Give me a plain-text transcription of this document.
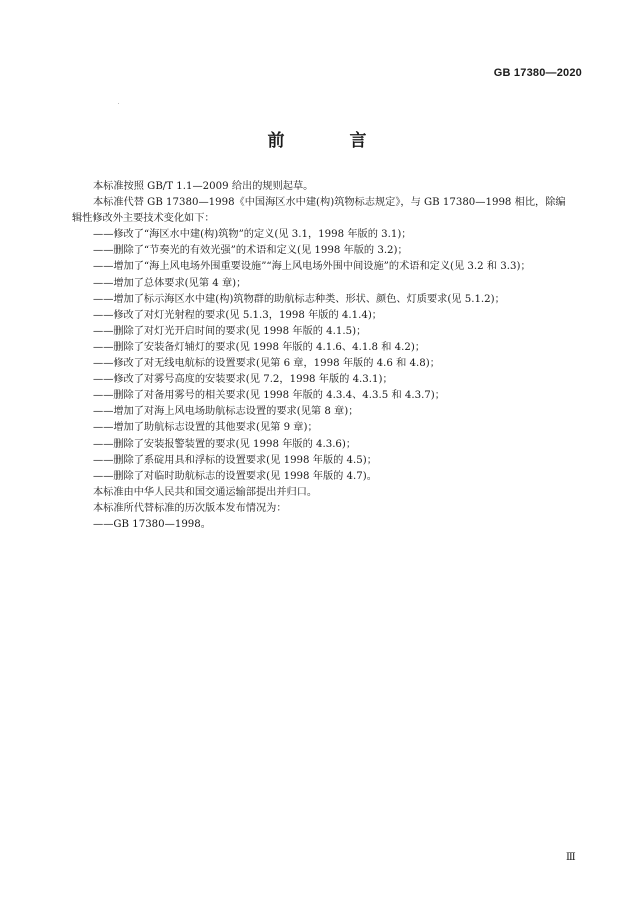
GB 17380—2020
前　言

本标准按照 GB/T 1.1—2009 给出的规则起草。

本标准代替 GB 17380—1998《中国海区水中建(构)筑物标志规定》，与 GB 17380—1998 相比，除编

辑性修改外主要技术变化如下：

——修改了“海区水中建(构)筑物”的定义(见 3.1，1998 年版的 3.1)；

——删除了“节奏光的有效光强”的术语和定义(见 1998 年版的 3.2)；

——增加了“海上风电场外围重要设施”“海上风电场外围中间设施”的术语和定义(见 3.2 和 3.3)；

——增加了总体要求(见第 4 章)；

——增加了标示海区水中建(构)筑物群的助航标志种类、形状、颜色、灯质要求(见 5.1.2)；

——修改了对灯光射程的要求(见 5.1.3，1998 年版的 4.1.4)；

——删除了对灯光开启时间的要求(见 1998 年版的 4.1.5)；

——删除了安装备灯辅灯的要求(见 1998 年版的 4.1.6、4.1.8 和 4.2)；

——修改了对无线电航标的设置要求(见第 6 章，1998 年版的 4.6 和 4.8)；

——修改了对雾号高度的安装要求(见 7.2，1998 年版的 4.3.1)；

——删除了对备用雾号的相关要求(见 1998 年版的 4.3.4、4.3.5 和 4.3.7)；

——增加了对海上风电场助航标志设置的要求(见第 8 章)；

——增加了助航标志设置的其他要求(见第 9 章)；

——删除了安装报警装置的要求(见 1998 年版的 4.3.6)；

——删除了系碇用具和浮标的设置要求(见 1998 年版的 4.5)；

——删除了对临时助航标志的设置要求(见 1998 年版的 4.7)。

本标准由中华人民共和国交通运输部提出并归口。

本标准所代替标准的历次版本发布情况为：

——GB 17380—1998。

Ⅲ
